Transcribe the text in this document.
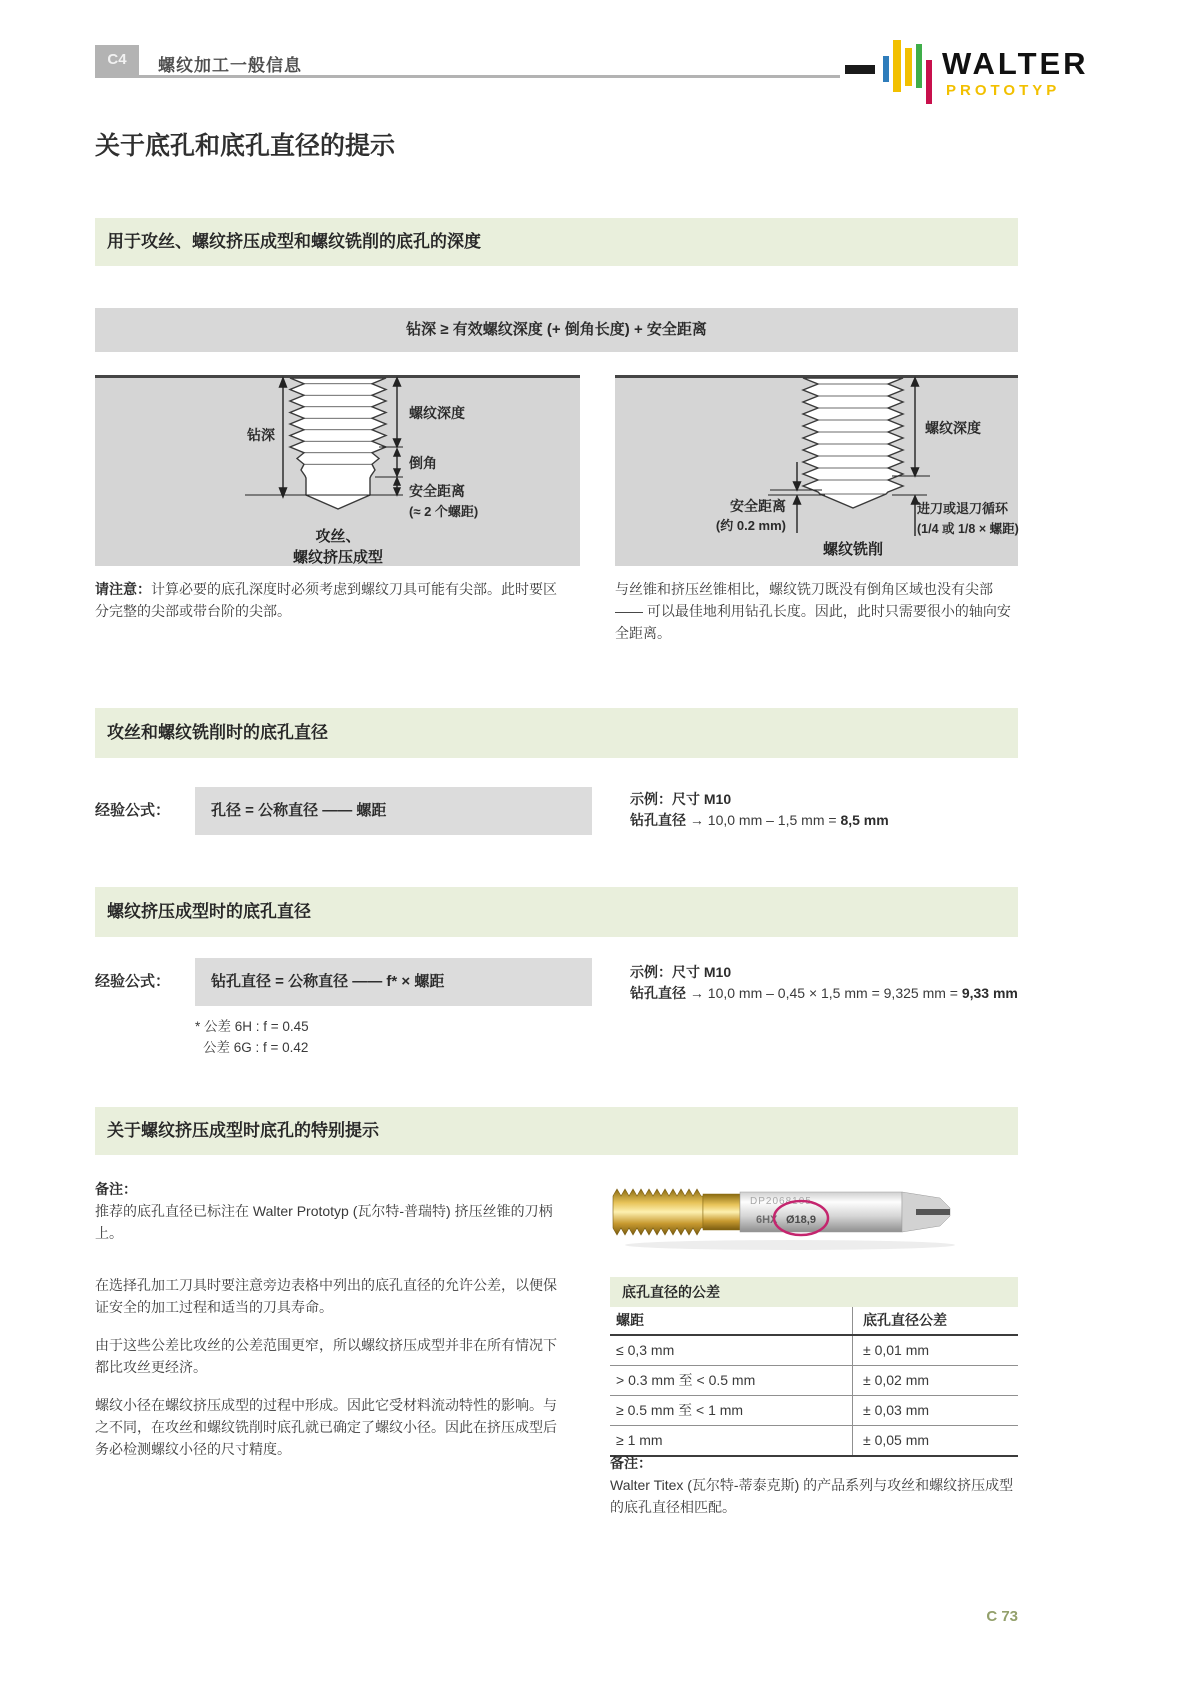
C4	螺纹加工一般信息	WALTER
PROTOTYP
关于底孔和底孔直径的提示
用于攻丝、螺纹挤压成型和螺纹铣削的底孔的深度
钻深 ≥ 有效螺纹深度 (+ 倒角长度) + 安全距离
钻深
螺纹深度
倒角
安全距离
(≈ 2 个螺距)
攻丝、
螺纹挤压成型
螺纹深度
安全距离
(约 0.2 mm)
进刀或退刀循环
(1/4 或 1/8 × 螺距)
螺纹铣削
请注意：计算必要的底孔深度时必须考虑到螺纹刀具可能有尖部。此时要区分完整的尖部或带台阶的尖部。
与丝锥和挤压丝锥相比，螺纹铣刀既没有倒角区域也没有尖部 —— 可以最佳地利用钻孔长度。因此，此时只需要很小的轴向安全距离。
攻丝和螺纹铣削时的底孔直径
经验公式：	孔径 = 公称直径 —— 螺距
示例：尺寸 M10
钻孔直径 → 10,0 mm – 1,5 mm = 8,5 mm
螺纹挤压成型时的底孔直径
经验公式：	钻孔直径 = 公称直径 —— f* × 螺距
* 公差 6H : f = 0.45
公差 6G : f = 0.42
示例：尺寸 M10
钻孔直径 → 10,0 mm – 0,45 × 1,5 mm = 9,325 mm = 9,33 mm
关于螺纹挤压成型时底孔的特别提示
备注：
推荐的底孔直径已标注在 Walter Prototyp (瓦尔特-普瑞特) 挤压丝锥的刀柄上。

在选择孔加工刀具时要注意旁边表格中列出的底孔直径的允许公差，以便保证安全的加工过程和适当的刀具寿命。

由于这些公差比攻丝的公差范围更窄，所以螺纹挤压成型并非在所有情况下都比攻丝更经济。

螺纹小径在螺纹挤压成型的过程中形成。因此它受材料流动特性的影响。与之不同，在攻丝和螺纹铣削时底孔就已确定了螺纹小径。因此在挤压成型后务必检测螺纹小径的尺寸精度。

DP2068105
6HX Ø18,9
底孔直径的公差
螺距	底孔直径公差
≤ 0,3 mm	± 0,01 mm
> 0.3 mm 至 < 0.5 mm	± 0,02 mm
≥ 0.5 mm 至 < 1 mm	± 0,03 mm
≥ 1 mm	± 0,05 mm
备注：
Walter Titex (瓦尔特-蒂泰克斯) 的产品系列与攻丝和螺纹挤压成型的底孔直径相匹配。
C 73
